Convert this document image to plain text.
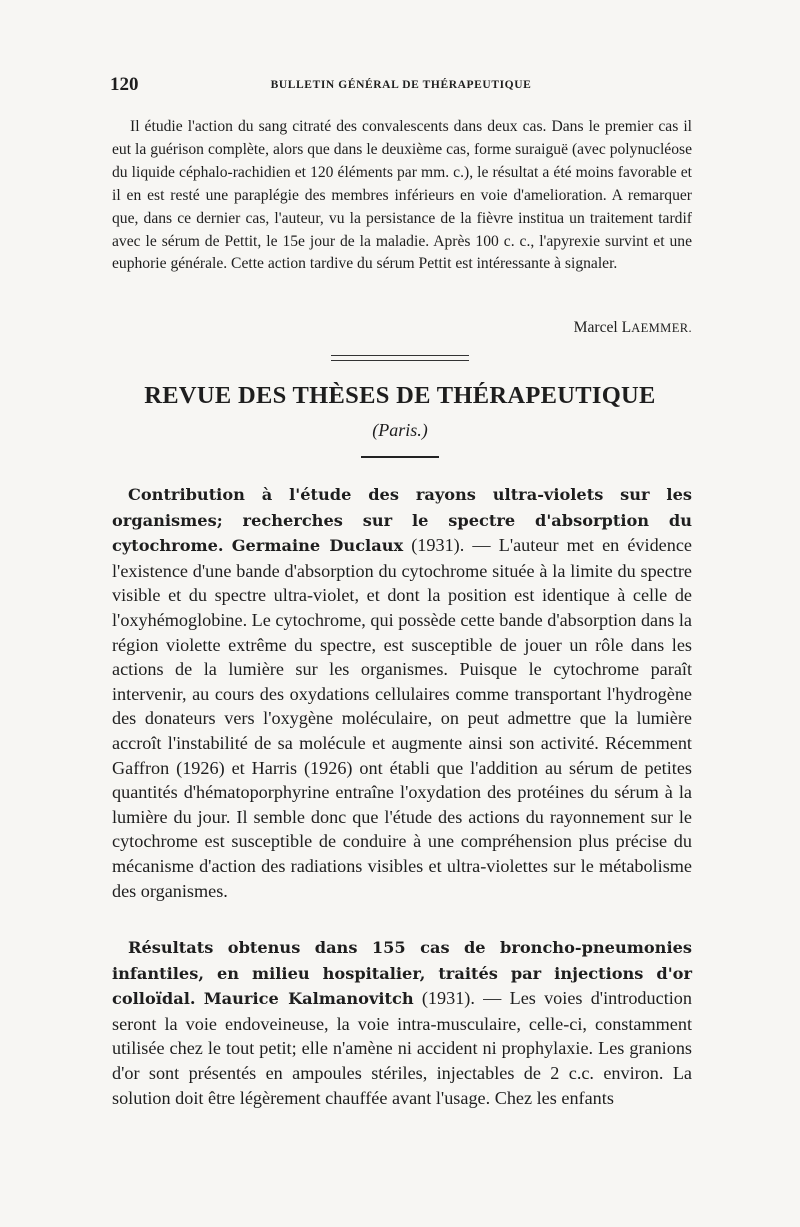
120	BULLETIN GÉNÉRAL DE THÉRAPEUTIQUE
Il étudie l'action du sang citraté des convalescents dans deux cas. Dans le premier cas il eut la guérison complète, alors que dans le deuxième cas, forme suraiguë (avec polynucléose du liquide céphalo-rachidien et 120 éléments par mm. c.), le résultat a été moins favorable et il en est resté une paraplégie des membres inférieurs en voie d'amelioration. A remarquer que, dans ce dernier cas, l'auteur, vu la persistance de la fièvre institua un traitement tardif avec le sérum de Pettit, le 15e jour de la maladie. Après 100 c. c., l'apyrexie survint et une euphorie générale. Cette action tardive du sérum Pettit est intéressante à signaler.
Marcel LAEMMER.
REVUE DES THÈSES DE THÉRAPEUTIQUE
(Paris.)
Contribution à l'étude des rayons ultra-violets sur les organismes; recherches sur le spectre d'absorption du cytochrome. Germaine Duclaux (1931). — L'auteur met en évidence l'existence d'une bande d'absorption du cytochrome située à la limite du spectre visible et du spectre ultra-violet, et dont la position est identique à celle de l'oxyhémoglobine. Le cytochrome, qui possède cette bande d'absorption dans la région violette extrême du spectre, est susceptible de jouer un rôle dans les actions de la lumière sur les organismes. Puisque le cytochrome paraît intervenir, au cours des oxydations cellulaires comme transportant l'hydrogène des donateurs vers l'oxygène moléculaire, on peut admettre que la lumière accroît l'instabilité de sa molécule et augmente ainsi son activité. Récemment Gaffron (1926) et Harris (1926) ont établi que l'addition au sérum de petites quantités d'hématoporphyrine entraîne l'oxydation des protéines du sérum à la lumière du jour. Il semble donc que l'étude des actions du rayonnement sur le cytochrome est susceptible de conduire à une compréhension plus précise du mécanisme d'action des radiations visibles et ultra-violettes sur le métabolisme des organismes.
Résultats obtenus dans 155 cas de broncho-pneumonies infantiles, en milieu hospitalier, traités par injections d'or colloïdal. Maurice Kalmanovitch (1931). — Les voies d'introduction seront la voie endoveineuse, la voie intra-musculaire, celle-ci, constamment utilisée chez le tout petit; elle n'amène ni accident ni prophylaxie. Les granions d'or sont présentés en ampoules stériles, injectables de 2 c.c. environ. La solution doit être légèrement chauffée avant l'usage. Chez les enfants
